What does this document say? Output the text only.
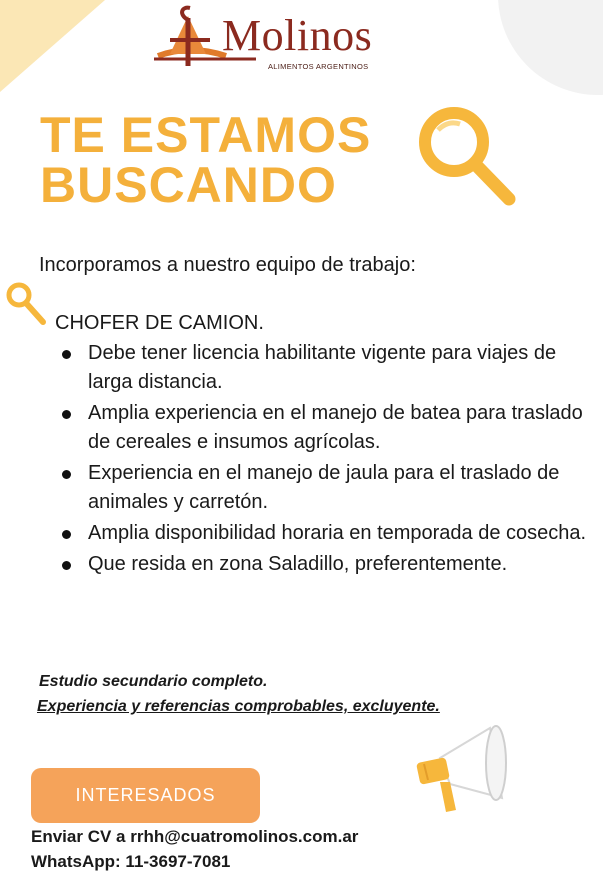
Molinos
ALIMENTOS ARGENTINOS
TE ESTAMOS
BUSCANDO
Incorporamos a nuestro equipo de trabajo:
CHOFER DE CAMION.
Debe tener licencia habilitante vigente para viajes de larga distancia.
Amplia experiencia en el manejo de batea para traslado de cereales e insumos agrícolas.
Experiencia en el manejo de jaula para el traslado de animales y carretón.
Amplia disponibilidad horaria en temporada de cosecha.
Que resida en zona Saladillo, preferentemente.
Estudio secundario completo.
Experiencia y referencias comprobables, excluyente.
INTERESADOS
Enviar CV a rrhh@cuatromolinos.com.ar
WhatsApp: 11-3697-7081
